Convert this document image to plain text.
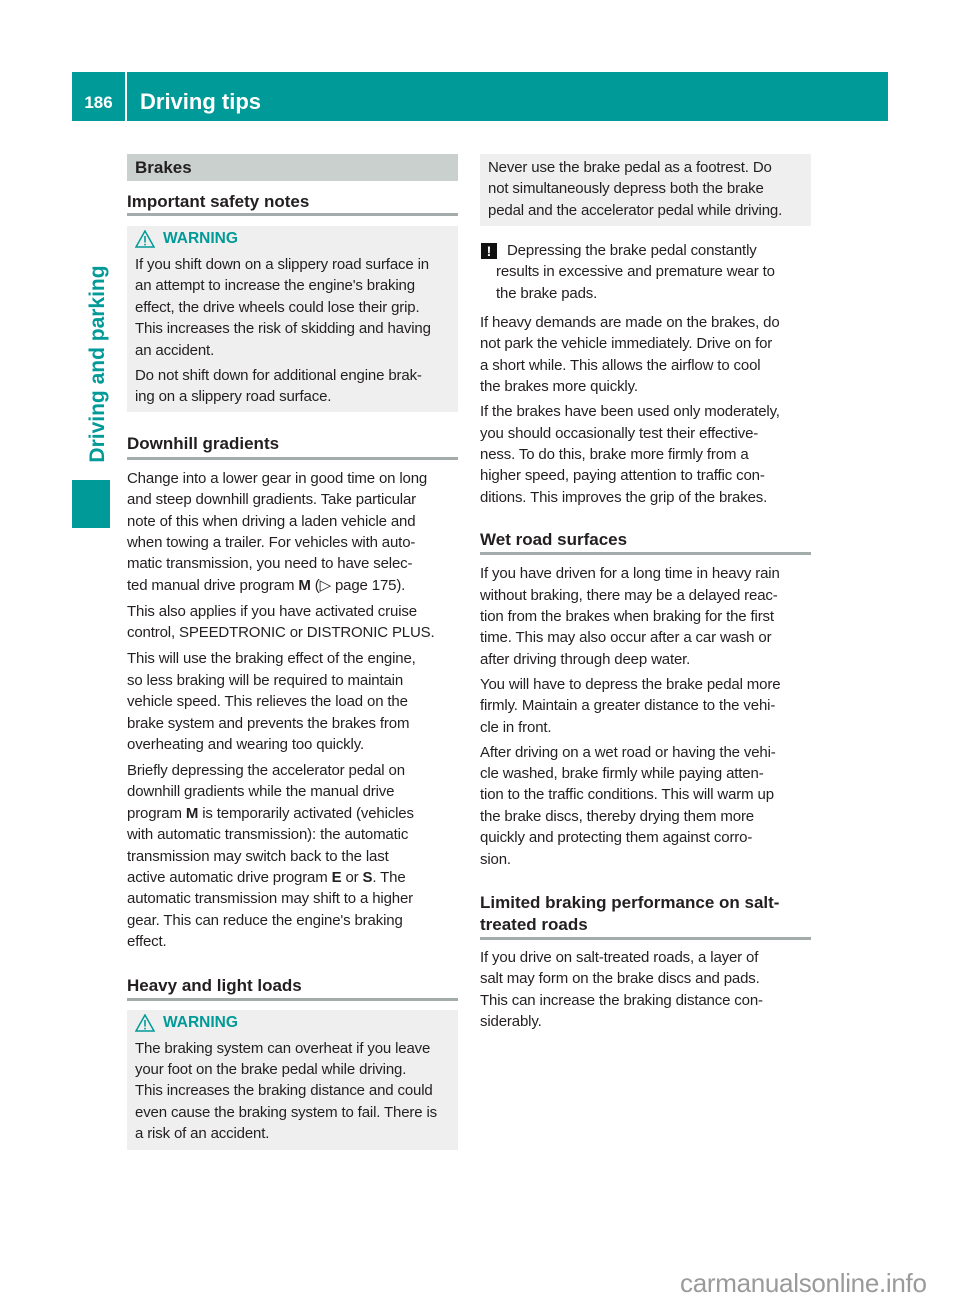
186	Driving tips
Driving and parking
Brakes
Important safety notes
WARNING
If you shift down on a slippery road surface in
an attempt to increase the engine's braking
effect, the drive wheels could lose their grip.
This increases the risk of skidding and having
an accident.
Do not shift down for additional engine brak-
ing on a slippery road surface.
Downhill gradients
Change into a lower gear in good time on long
and steep downhill gradients. Take particular
note of this when driving a laden vehicle and
when towing a trailer. For vehicles with auto-
matic transmission, you need to have selec-
ted manual drive program M (▷ page 175).
This also applies if you have activated cruise
control, SPEEDTRONIC or DISTRONIC PLUS.
This will use the braking effect of the engine,
so less braking will be required to maintain
vehicle speed. This relieves the load on the
brake system and prevents the brakes from
overheating and wearing too quickly.
Briefly depressing the accelerator pedal on
downhill gradients while the manual drive
program M is temporarily activated (vehicles
with automatic transmission): the automatic
transmission may switch back to the last
active automatic drive program E or S. The
automatic transmission may shift to a higher
gear. This can reduce the engine's braking
effect.
Heavy and light loads
WARNING
The braking system can overheat if you leave
your foot on the brake pedal while driving.
This increases the braking distance and could
even cause the braking system to fail. There is
a risk of an accident.
Never use the brake pedal as a footrest. Do
not simultaneously depress both the brake
pedal and the accelerator pedal while driving.
!	Depressing the brake pedal constantly
results in excessive and premature wear to
the brake pads.
If heavy demands are made on the brakes, do
not park the vehicle immediately. Drive on for
a short while. This allows the airflow to cool
the brakes more quickly.
If the brakes have been used only moderately,
you should occasionally test their effective-
ness. To do this, brake more firmly from a
higher speed, paying attention to traffic con-
ditions. This improves the grip of the brakes.
Wet road surfaces
If you have driven for a long time in heavy rain
without braking, there may be a delayed reac-
tion from the brakes when braking for the first
time. This may also occur after a car wash or
after driving through deep water.
You will have to depress the brake pedal more
firmly. Maintain a greater distance to the vehi-
cle in front.
After driving on a wet road or having the vehi-
cle washed, brake firmly while paying atten-
tion to the traffic conditions. This will warm up
the brake discs, thereby drying them more
quickly and protecting them against corro-
sion.
Limited braking performance on salt-
treated roads
If you drive on salt-treated roads, a layer of
salt may form on the brake discs and pads.
This can increase the braking distance con-
siderably.
carmanualsonline.info
